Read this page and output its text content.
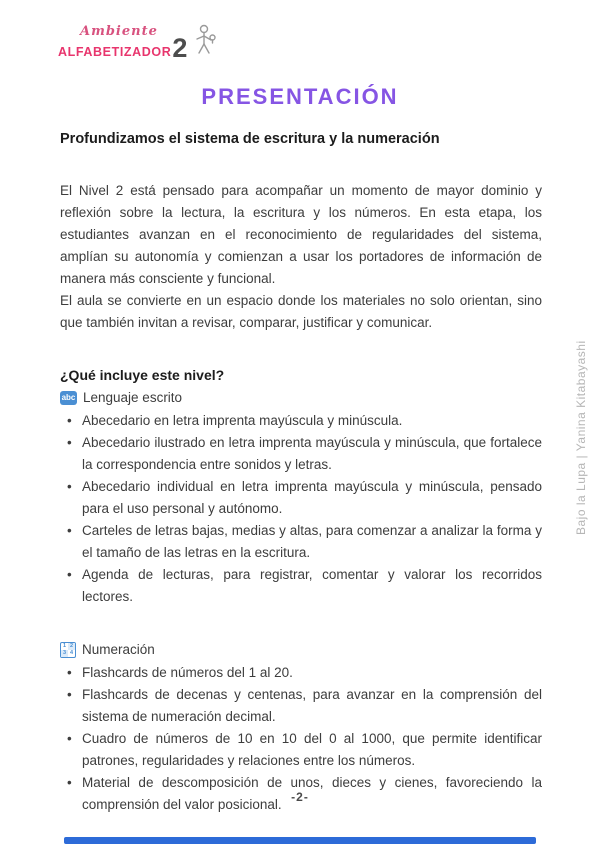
Ambiente
ALFABETIZADOR 2
PRESENTACIÓN
Profundizamos el sistema de escritura y la numeración

El Nivel 2 está pensado para acompañar un momento de mayor dominio y reflexión sobre la lectura, la escritura y los números. En esta etapa, los estudiantes avanzan en el reconocimiento de regularidades del sistema, amplían su autonomía y comienzan a usar los portadores de información de manera más consciente y funcional.

El aula se convierte en un espacio donde los materiales no solo orientan, sino que también invitan a revisar, comparar, justificar y comunicar.

¿Qué incluye este nivel?
abc Lenguaje escrito
• Abecedario en letra imprenta mayúscula y minúscula.
• Abecedario ilustrado en letra imprenta mayúscula y minúscula, que fortalece la correspondencia entre sonidos y letras.
• Abecedario individual en letra imprenta mayúscula y minúscula, pensado para el uso personal y autónomo.
• Carteles de letras bajas, medias y altas, para comenzar a analizar la forma y el tamaño de las letras en la escritura.
• Agenda de lecturas, para registrar, comentar y valorar los recorridos lectores.
1 2
3 4 Numeración
• Flashcards de números del 1 al 20.
• Flashcards de decenas y centenas, para avanzar en la comprensión del sistema de numeración decimal.
• Cuadro de números de 10 en 10 del 0 al 1000, que permite identificar patrones, regularidades y relaciones entre los números.
• Material de descomposición de unos, dieces y cienes, favoreciendo la comprensión del valor posicional.
Bajo la Lupa | Yanina Kitabayashi
-2-
